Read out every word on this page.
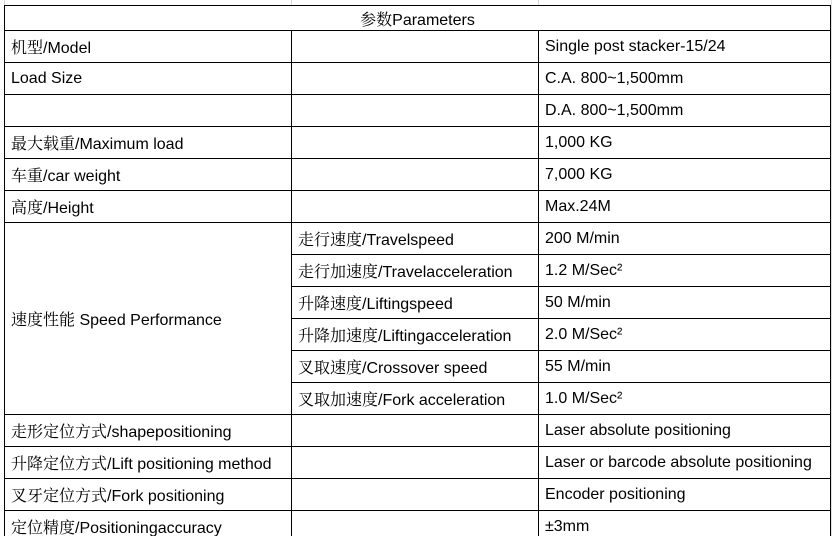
参数Parameters		
机型/Model		Single post stacker-15/24
Load Size		C.A. 800~1,500mm
		D.A. 800~1,500mm
最大载重/Maximum load		1,000 KG
车重/car weight		7,000 KG
高度/Height		Max.24M
速度性能 Speed Performance	走行速度/Travelspeed	200 M/min
	走行加速度/Travelacceleration	1.2 M/Sec²
	升降速度/Liftingspeed	50 M/min
	升降加速度/Liftingacceleration	2.0 M/Sec²
	叉取速度/Crossover speed	55 M/min
	叉取加速度/Fork acceleration	1.0 M/Sec²
走形定位方式/shapepositioning		Laser absolute positioning
升降定位方式/Lift positioning method		Laser or barcode absolute positioning
叉牙定位方式/Fork positioning		Encoder positioning
定位精度/Positioningaccuracy		±3mm
